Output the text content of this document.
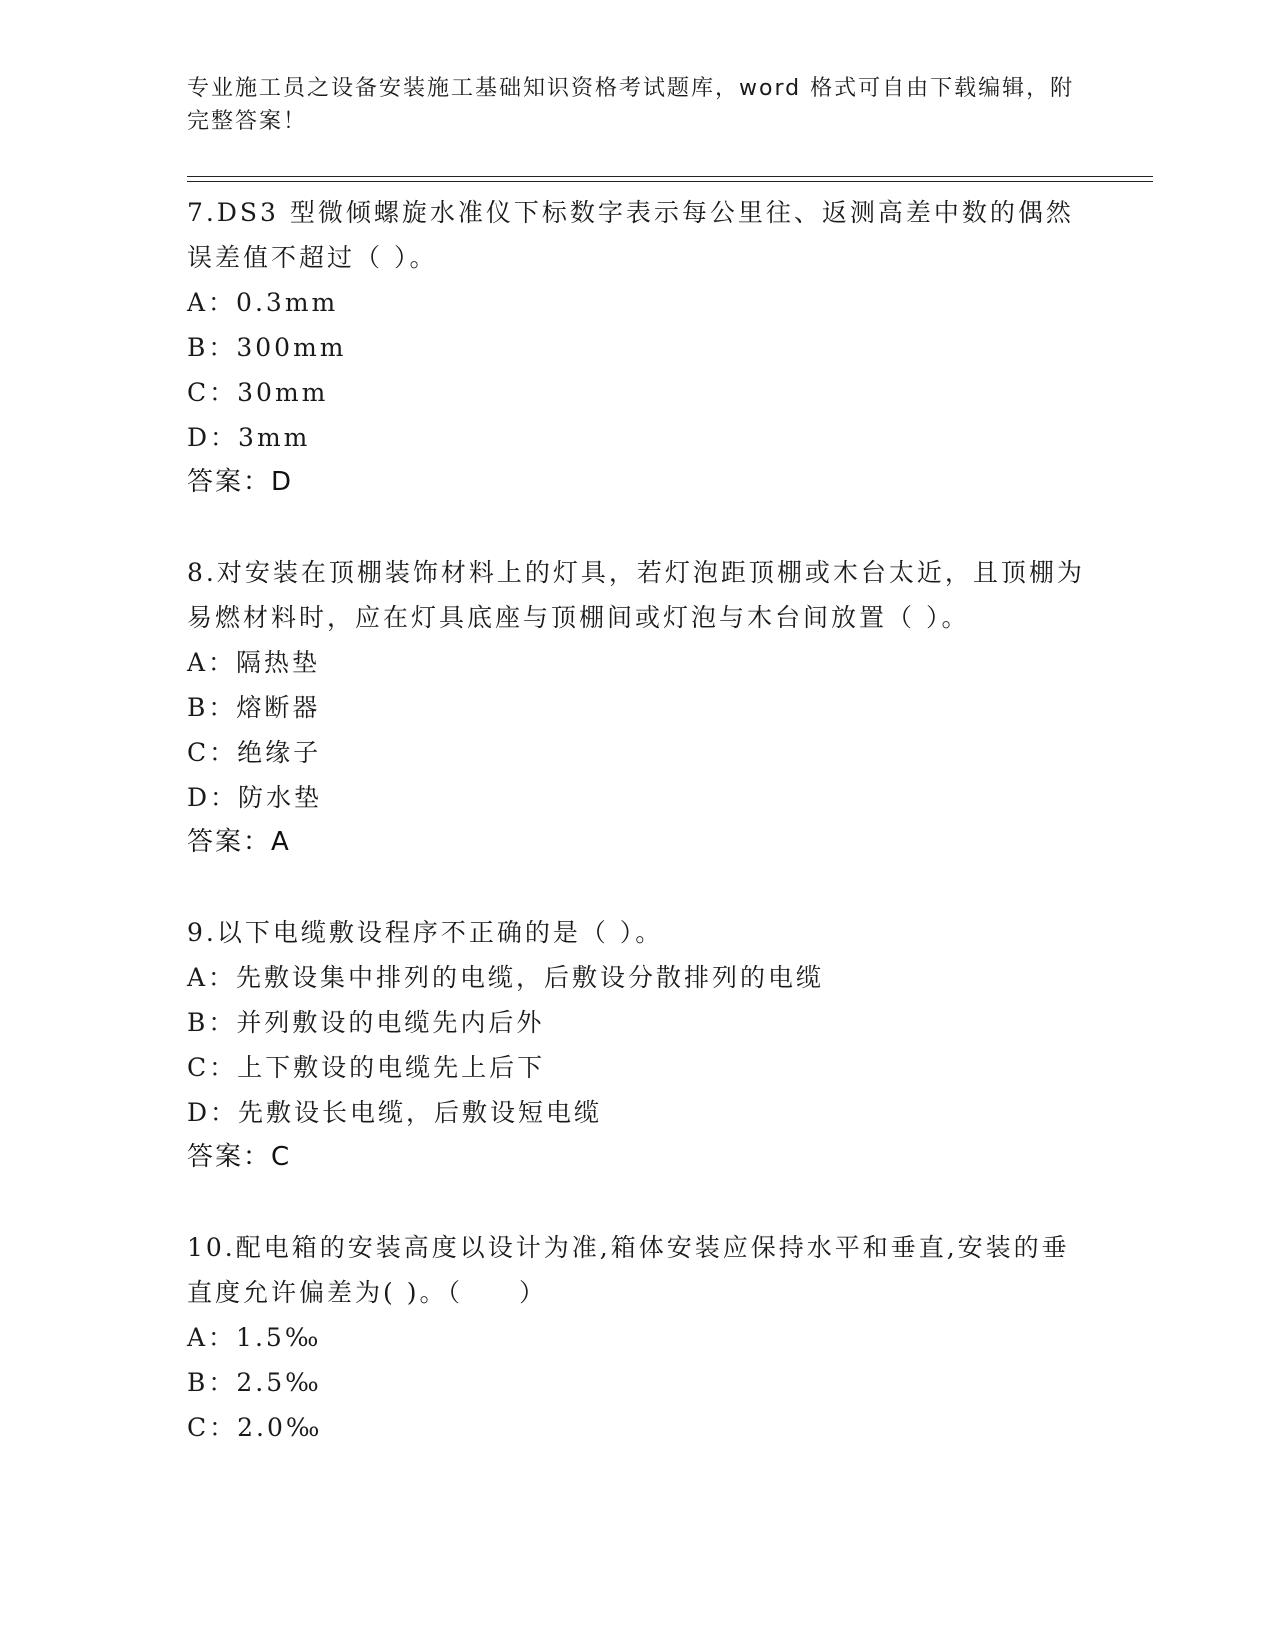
专业施工员之设备安装施工基础知识资格考试题库，word 格式可自由下载编辑，附完整答案！
7.DS3 型微倾螺旋水准仪下标数字表示每公里往、返测高差中数的偶然误差值不超过（ ）。
A：0.3mm
B：300mm
C：30mm
D：3mm
答案：D
8.对安装在顶棚装饰材料上的灯具，若灯泡距顶棚或木台太近，且顶棚为易燃材料时，应在灯具底座与顶棚间或灯泡与木台间放置（ ）。
A：隔热垫
B：熔断器
C：绝缘子
D：防水垫
答案：A
9.以下电缆敷设程序不正确的是（ ）。
A：先敷设集中排列的电缆，后敷设分散排列的电缆
B：并列敷设的电缆先内后外
C：上下敷设的电缆先上后下
D：先敷设长电缆，后敷设短电缆
答案：C
10.配电箱的安装高度以设计为准,箱体安装应保持水平和垂直,安装的垂直度允许偏差为( )。（　　）
A：1.5‰
B：2.5‰
C：2.0‰
